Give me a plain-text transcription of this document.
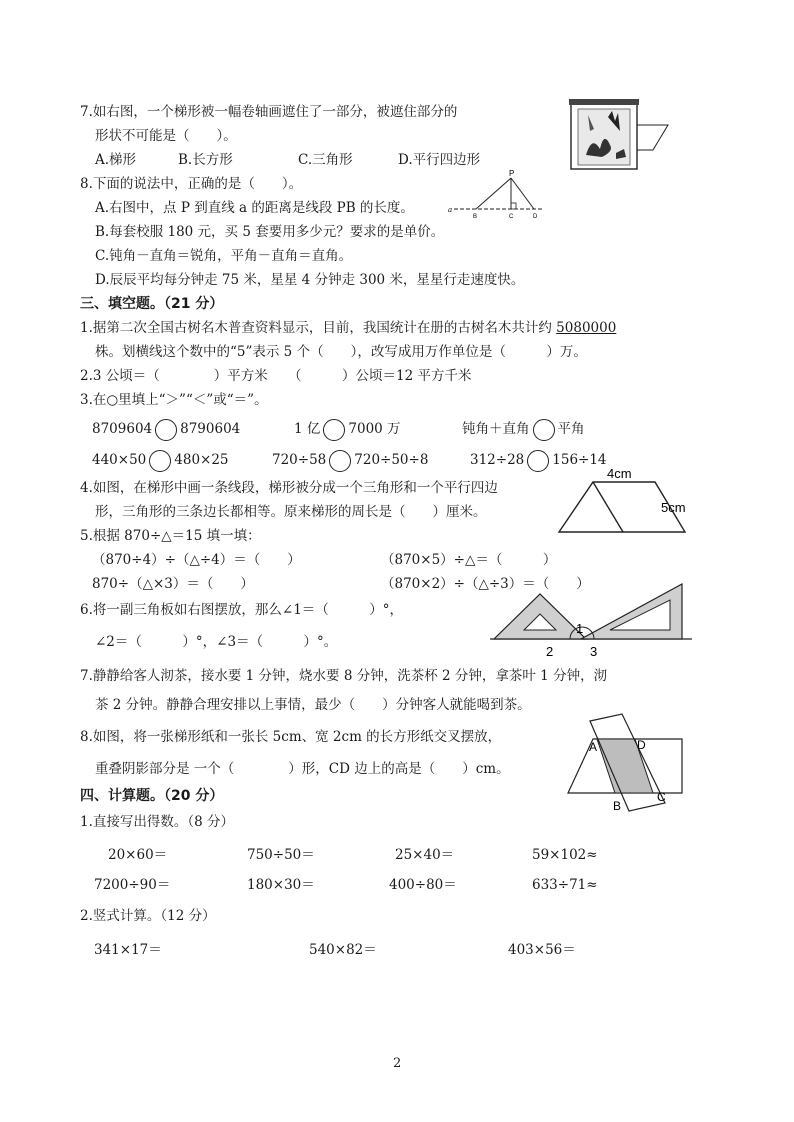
7.如右图，一个梯形被一幅卷轴画遮住了一部分，被遮住部分的
形状不可能是（　　）。
A.梯形	B.长方形	C.三角形	D.平行四边形
8.下面的说法中，正确的是（　　）。
A.右图中，点 P 到直线 a 的距离是线段 PB 的长度。
B.每套校服 180 元，买 5 套要用多少元？要求的是单价。
C.钝角－直角＝锐角，平角－直角＝直角。
D.辰辰平均每分钟走 75 米，星星 4 分钟走 300 米，星星行走速度快。
P
a
B	C	D
三、填空题。（21 分）
1.据第二次全国古树名木普查资料显示，目前，我国统计在册的古树名木共计约 5080000
株。划横线这个数中的“5”表示 5 个（　　），改写成用万作单位是（　　　）万。
2.3 公顷＝（　　　　）平方米　　（　　　）公顷＝12 平方千米
3.在○里填上“＞”“＜”或“＝”。
8709604 8790604	1 亿 7000 万	钝角＋直角 平角
440×50 480×25	720÷58 720÷50÷8	312÷28 156÷14
4.如图，在梯形中画一条线段，梯形被分成一个三角形和一个平行四边
形，三角形的三条边长都相等。原来梯形的周长是（　　）厘米。
4cm
5cm
5.根据 870÷△＝15 填一填：
（870÷4）÷（△÷4）＝（　　）	（870×5）÷△＝（　　　）
870÷（△×3）＝（　　）	（870×2）÷（△÷3）＝（　　）
6.将一副三角板如右图摆放，那么∠1＝（　　　）°，
∠2＝（　　　）°，∠3＝（　　　）°。
1
2	3
7.静静给客人沏茶，接水要 1 分钟，烧水要 8 分钟，洗茶杯 2 分钟，拿茶叶 1 分钟，沏
茶 2 分钟。静静合理安排以上事情，最少（　　）分钟客人就能喝到茶。
8.如图，将一张梯形纸和一张长 5cm、宽 2cm 的长方形纸交叉摆放，
重叠阴影部分是 一个（　　　　）形，CD 边上的高是（　　）cm。
A	D
B
C
四、计算题。（20 分）
1.直接写出得数。（8 分）
20×60＝	750÷50＝	25×40＝	59×102≈
7200÷90＝	180×30＝	400÷80＝	633÷71≈
2.竖式计算。（12 分）
341×17＝	540×82＝	403×56＝
2
